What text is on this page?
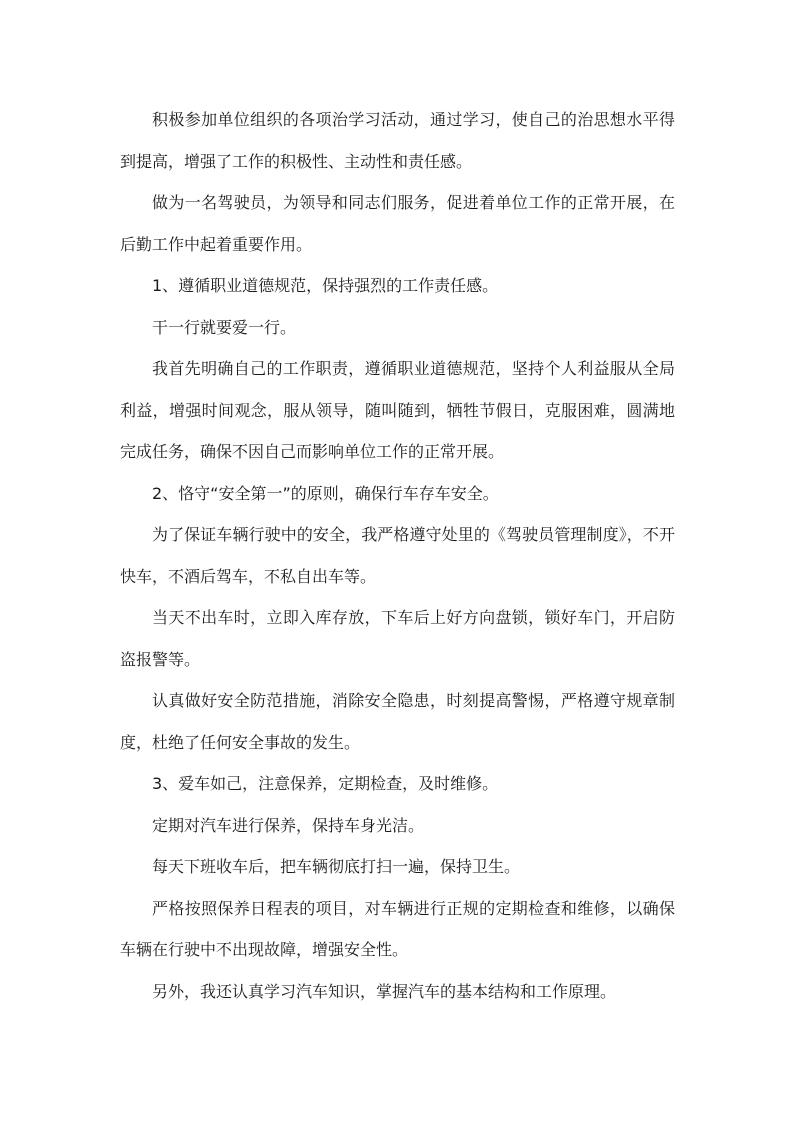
积极参加单位组织的各项治学习活动，通过学习，使自己的治思想水平得到提高，增强了工作的积极性、主动性和责任感。

做为一名驾驶员，为领导和同志们服务，促进着单位工作的正常开展，在后勤工作中起着重要作用。

1、遵循职业道德规范，保持强烈的工作责任感。

干一行就要爱一行。

我首先明确自己的工作职责，遵循职业道德规范，坚持个人利益服从全局利益，增强时间观念，服从领导，随叫随到，牺牲节假日，克服困难，圆满地完成任务，确保不因自己而影响单位工作的正常开展。

2、恪守“安全第一”的原则，确保行车存车安全。

为了保证车辆行驶中的安全，我严格遵守处里的《驾驶员管理制度》，不开快车，不酒后驾车，不私自出车等。

当天不出车时，立即入库存放，下车后上好方向盘锁，锁好车门，开启防盗报警等。

认真做好安全防范措施，消除安全隐患，时刻提高警惕，严格遵守规章制度，杜绝了任何安全事故的发生。

3、爱车如己，注意保养，定期检查，及时维修。

定期对汽车进行保养，保持车身光洁。

每天下班收车后，把车辆彻底打扫一遍，保持卫生。

严格按照保养日程表的项目，对车辆进行正规的定期检查和维修，以确保车辆在行驶中不出现故障，增强安全性。

另外，我还认真学习汽车知识，掌握汽车的基本结构和工作原理。
